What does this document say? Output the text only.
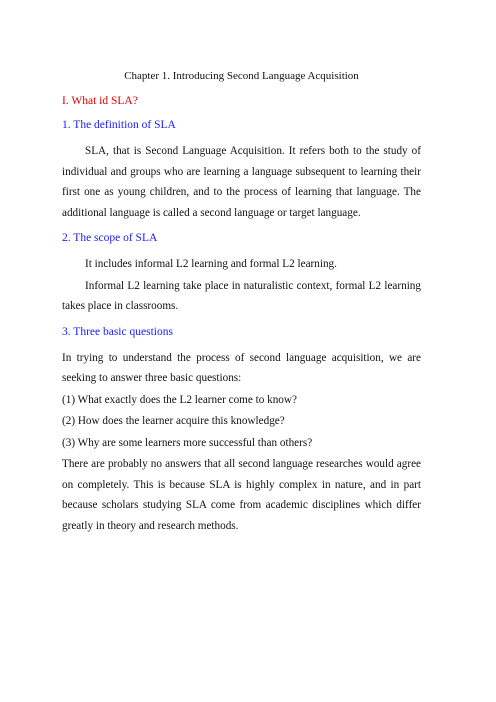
Chapter 1. Introducing Second Language Acquisition
I. What id SLA?
1. The definition of SLA
SLA, that is Second Language Acquisition. It refers both to the study of individual and groups who are learning a language subsequent to learning their first one as young children, and to the process of learning that language. The additional language is called a second language or target language.
2. The scope of SLA
It includes informal L2 learning and formal L2 learning.
Informal L2 learning take place in naturalistic context, formal L2 learning takes place in classrooms.
3. Three basic questions
In trying to understand the process of second language acquisition, we are seeking to answer three basic questions:
(1) What exactly does the L2 learner come to know?
(2) How does the learner acquire this knowledge?
(3) Why are some learners more successful than others?
There are probably no answers that all second language researches would agree on completely. This is because SLA is highly complex in nature, and in part because scholars studying SLA come from academic disciplines which differ greatly in theory and research methods.
